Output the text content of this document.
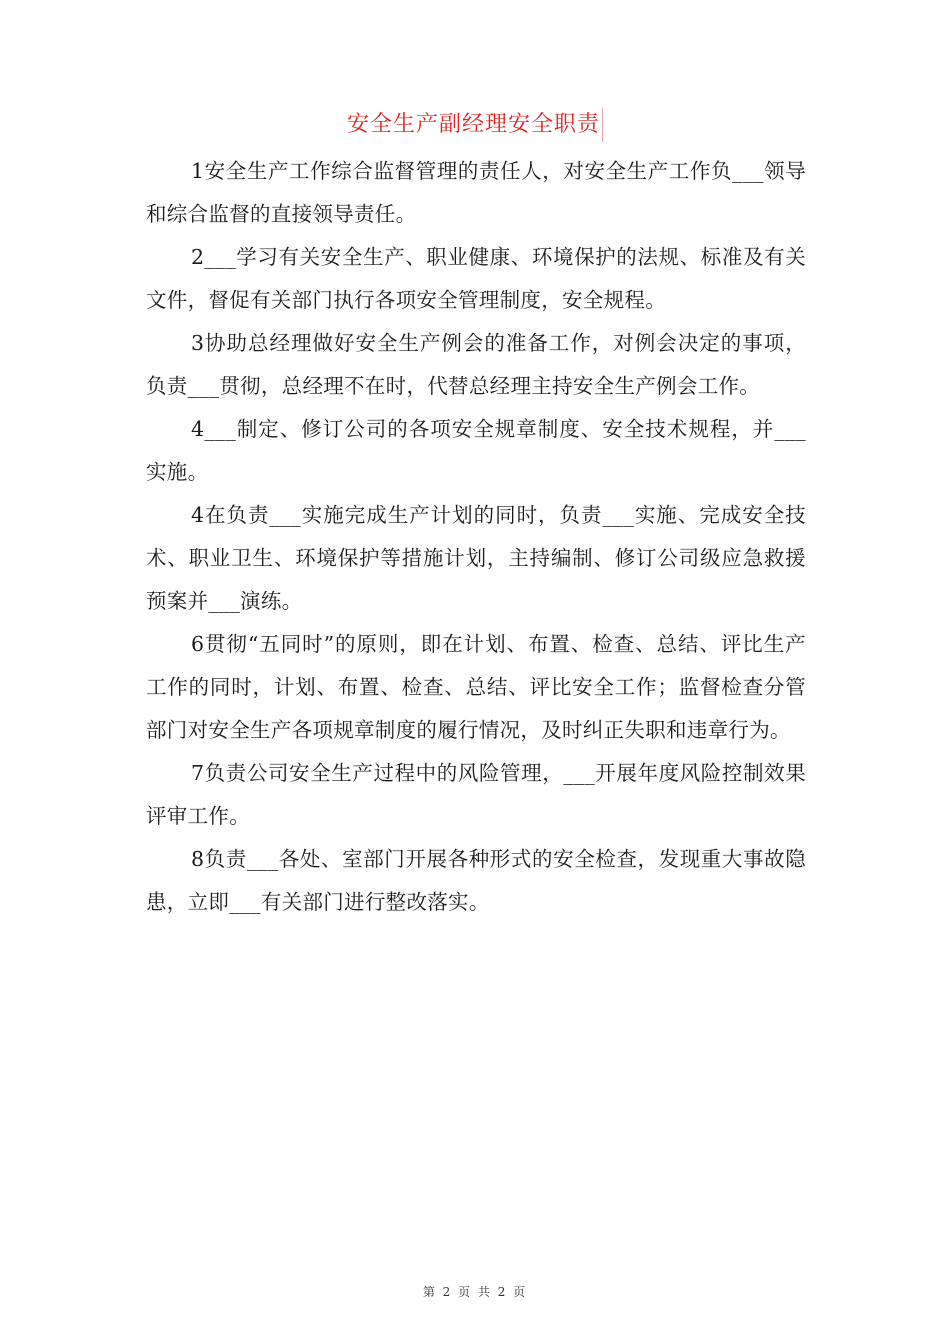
安全生产副经理安全职责

1安全生产工作综合监督管理的责任人，对安全生产工作负___领导和综合监督的直接领导责任。

2___学习有关安全生产、职业健康、环境保护的法规、标准及有关文件，督促有关部门执行各项安全管理制度，安全规程。

3协助总经理做好安全生产例会的准备工作，对例会决定的事项，负责___贯彻，总经理不在时，代替总经理主持安全生产例会工作。

4___制定、修订公司的各项安全规章制度、安全技术规程，并___实施。

4在负责___实施完成生产计划的同时，负责___实施、完成安全技术、职业卫生、环境保护等措施计划，主持编制、修订公司级应急救援预案并___演练。

6贯彻“五同时”的原则，即在计划、布置、检查、总结、评比生产工作的同时，计划、布置、检查、总结、评比安全工作；监督检查分管部门对安全生产各项规章制度的履行情况，及时纠正失职和违章行为。

7负责公司安全生产过程中的风险管理，___开展年度风险控制效果评审工作。

8负责___各处、室部门开展各种形式的安全检查，发现重大事故隐患，立即___有关部门进行整改落实。

第 2 页 共 2 页
